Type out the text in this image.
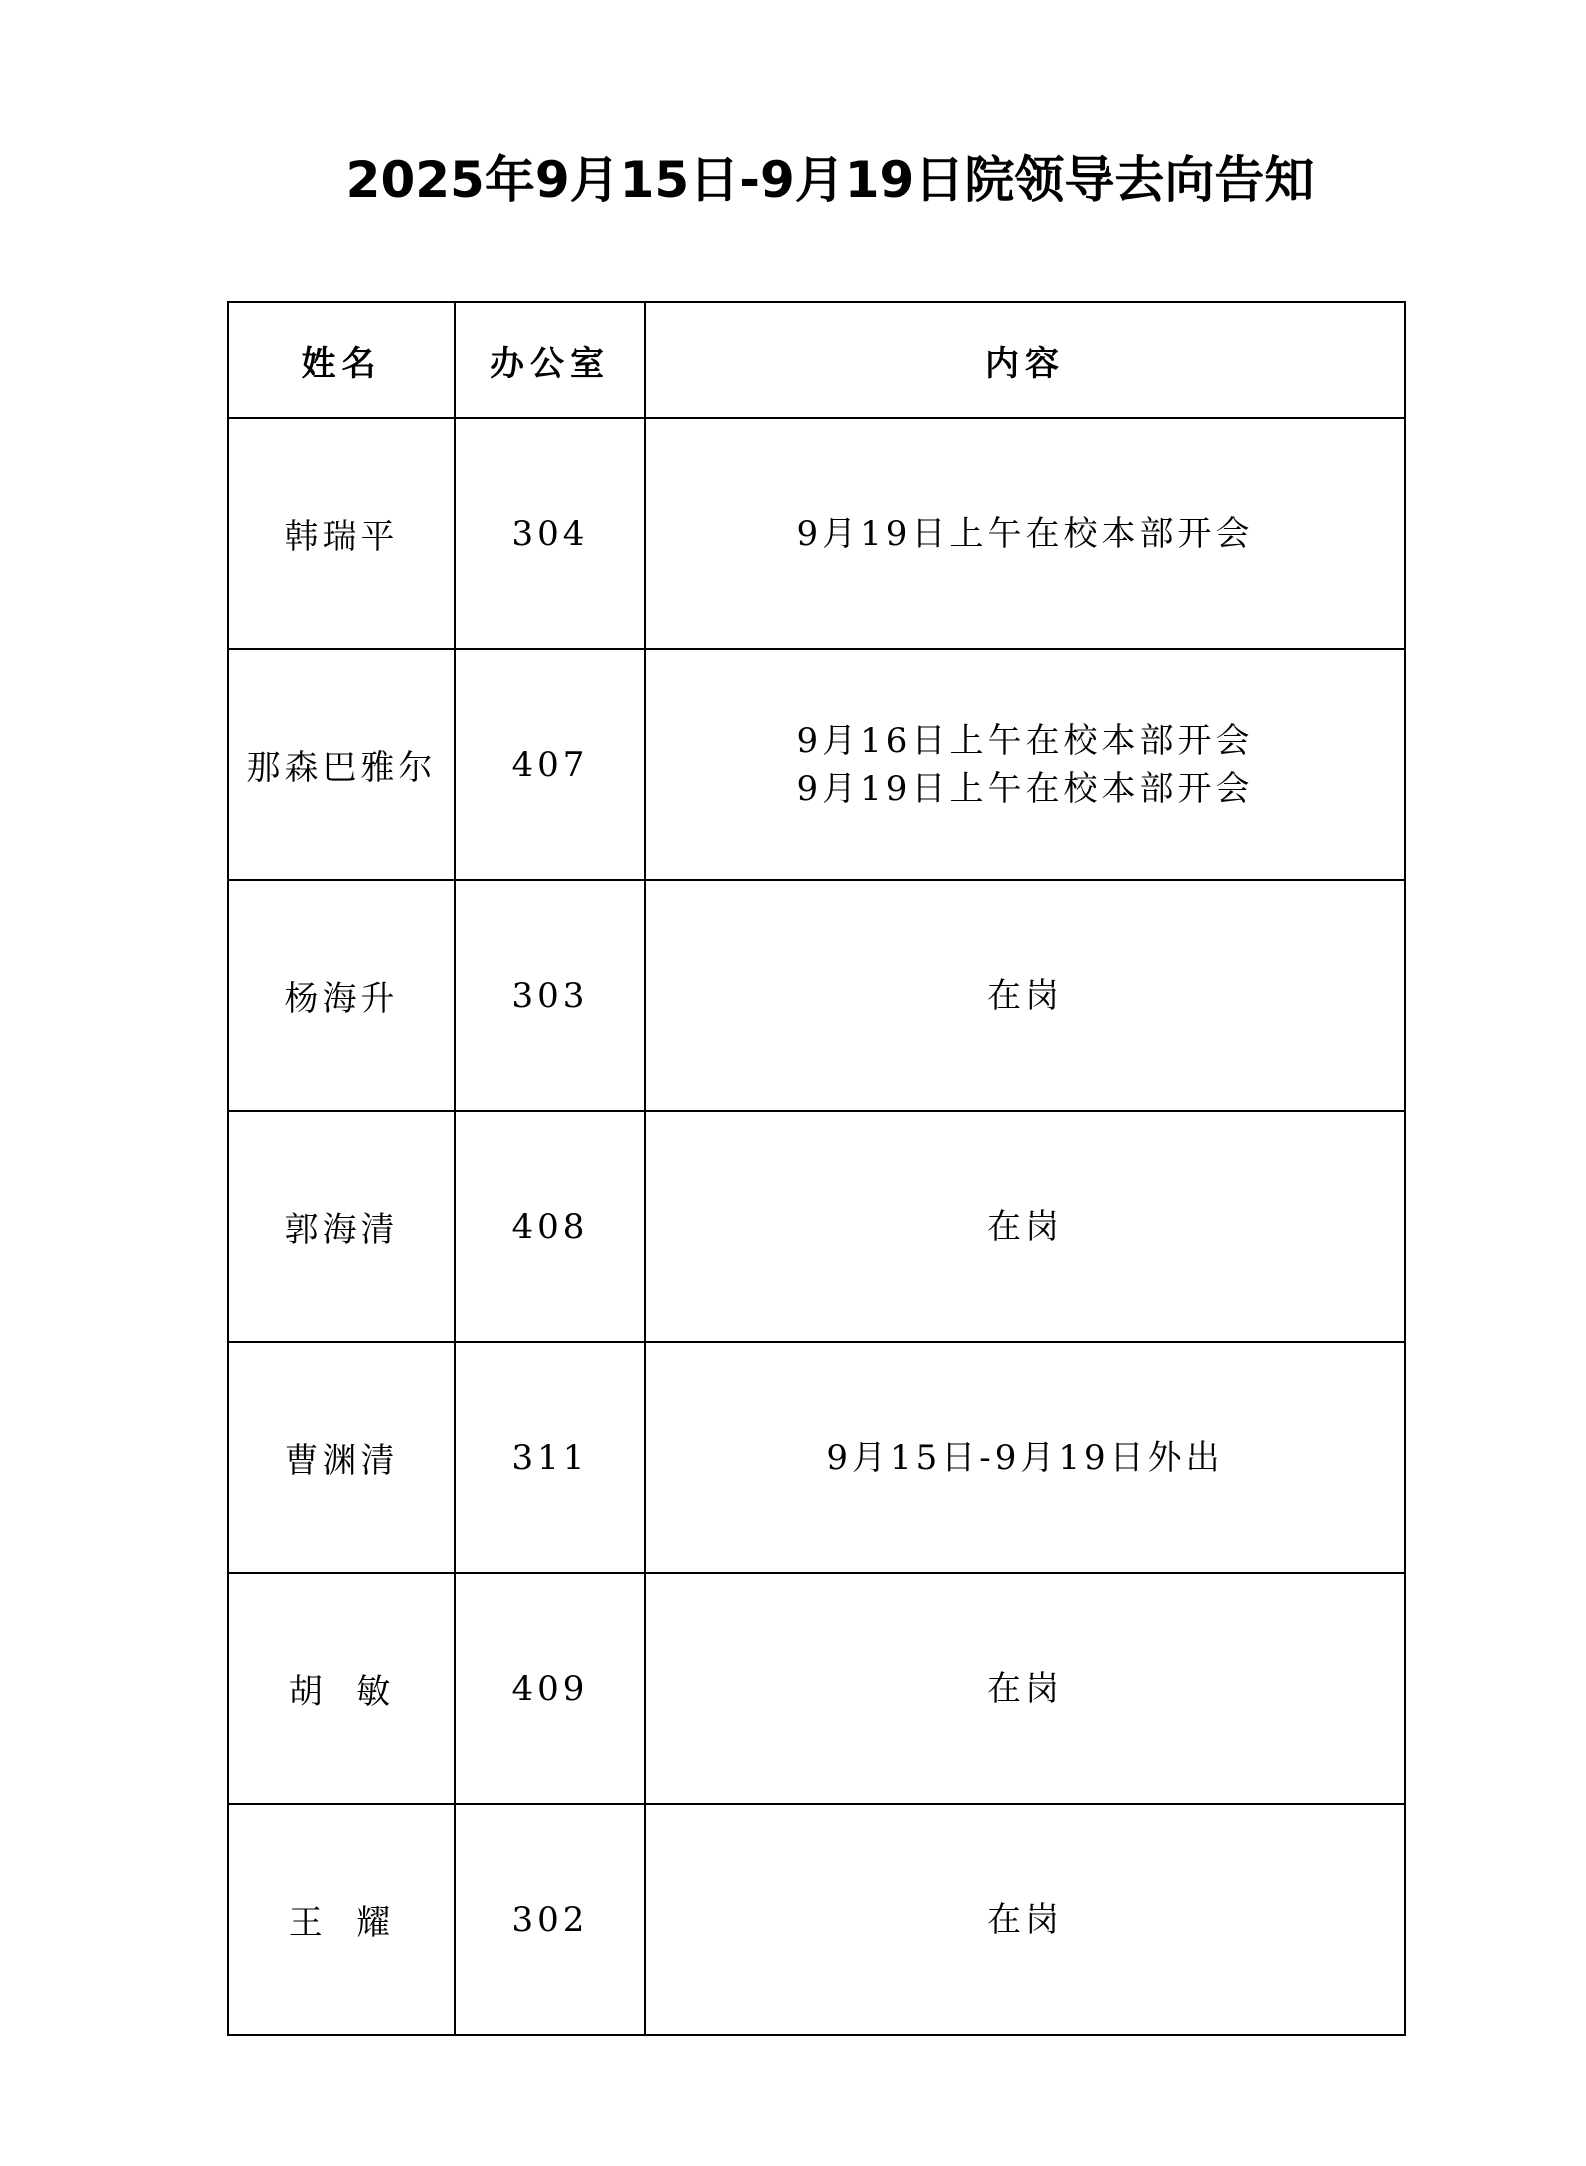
2025年9月15日-9月19日院领导去向告知
姓名	办公室	内容
韩瑞平	304	9月19日上午在校本部开会

那森巴雅尔	407	9月16日上午在校本部开会
9月19日上午在校本部开会

杨海升	303	在岗

郭海清	408	在岗

曹渊清	311	9月15日-9月19日外出

胡  敏	409	在岗

王  耀	302	在岗
